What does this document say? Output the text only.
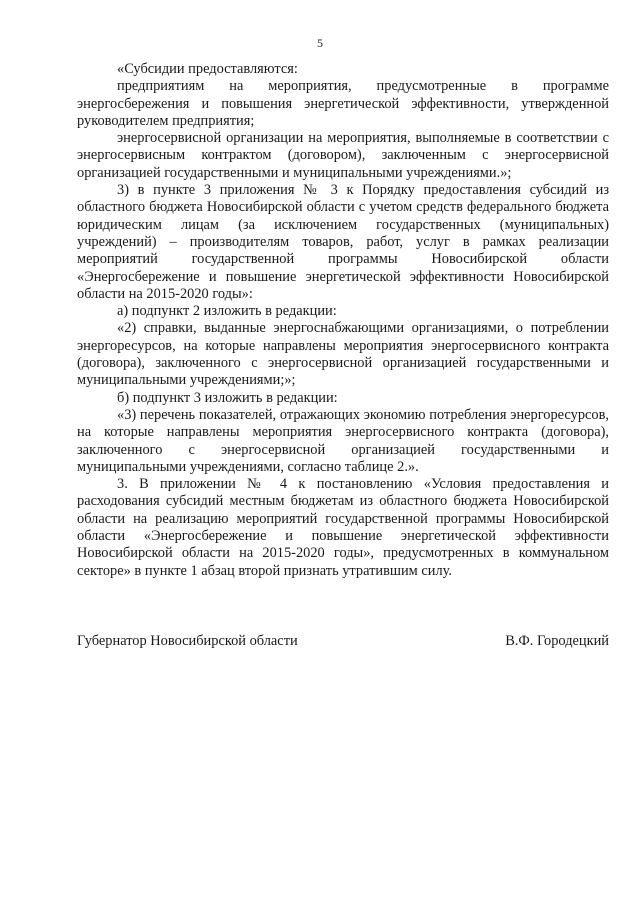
5

«Субсидии предоставляются:

предприятиям на мероприятия, предусмотренные в программе энергосбережения и повышения энергетической эффективности, утвержденной руководителем предприятия;

энергосервисной организации на мероприятия, выполняемые в соответствии с энергосервисным контрактом (договором), заключенным с энергосервисной организацией государственными и муниципальными учреждениями.»;

3) в пункте 3 приложения № 3 к Порядку предоставления субсидий из областного бюджета Новосибирской области с учетом средств федерального бюджета юридическим лицам (за исключением государственных (муниципальных) учреждений) – производителям товаров, работ, услуг в рамках реализации мероприятий государственной программы Новосибирской области «Энергосбережение и повышение энергетической эффективности Новосибирской области на 2015-2020 годы»:

а) подпункт 2 изложить в редакции:

«2) справки, выданные энергоснабжающими организациями, о потреблении энергоресурсов, на которые направлены мероприятия энергосервисного контракта (договора), заключенного с энергосервисной организацией государственными и муниципальными учреждениями;»;

б) подпункт 3 изложить в редакции:

«3) перечень показателей, отражающих экономию потребления энергоресурсов, на которые направлены мероприятия энергосервисного контракта (договора), заключенного с энергосервисной организацией государственными и муниципальными учреждениями, согласно таблице 2.».

3. В приложении № 4 к постановлению «Условия предоставления и расходования субсидий местным бюджетам из областного бюджета Новосибирской области на реализацию мероприятий государственной программы Новосибирской области «Энергосбережение и повышение энергетической эффективности Новосибирской области на 2015-2020 годы», предусмотренных в коммунальном секторе» в пункте 1 абзац второй признать утратившим силу.

Губернатор Новосибирской области	В.Ф. Городецкий
